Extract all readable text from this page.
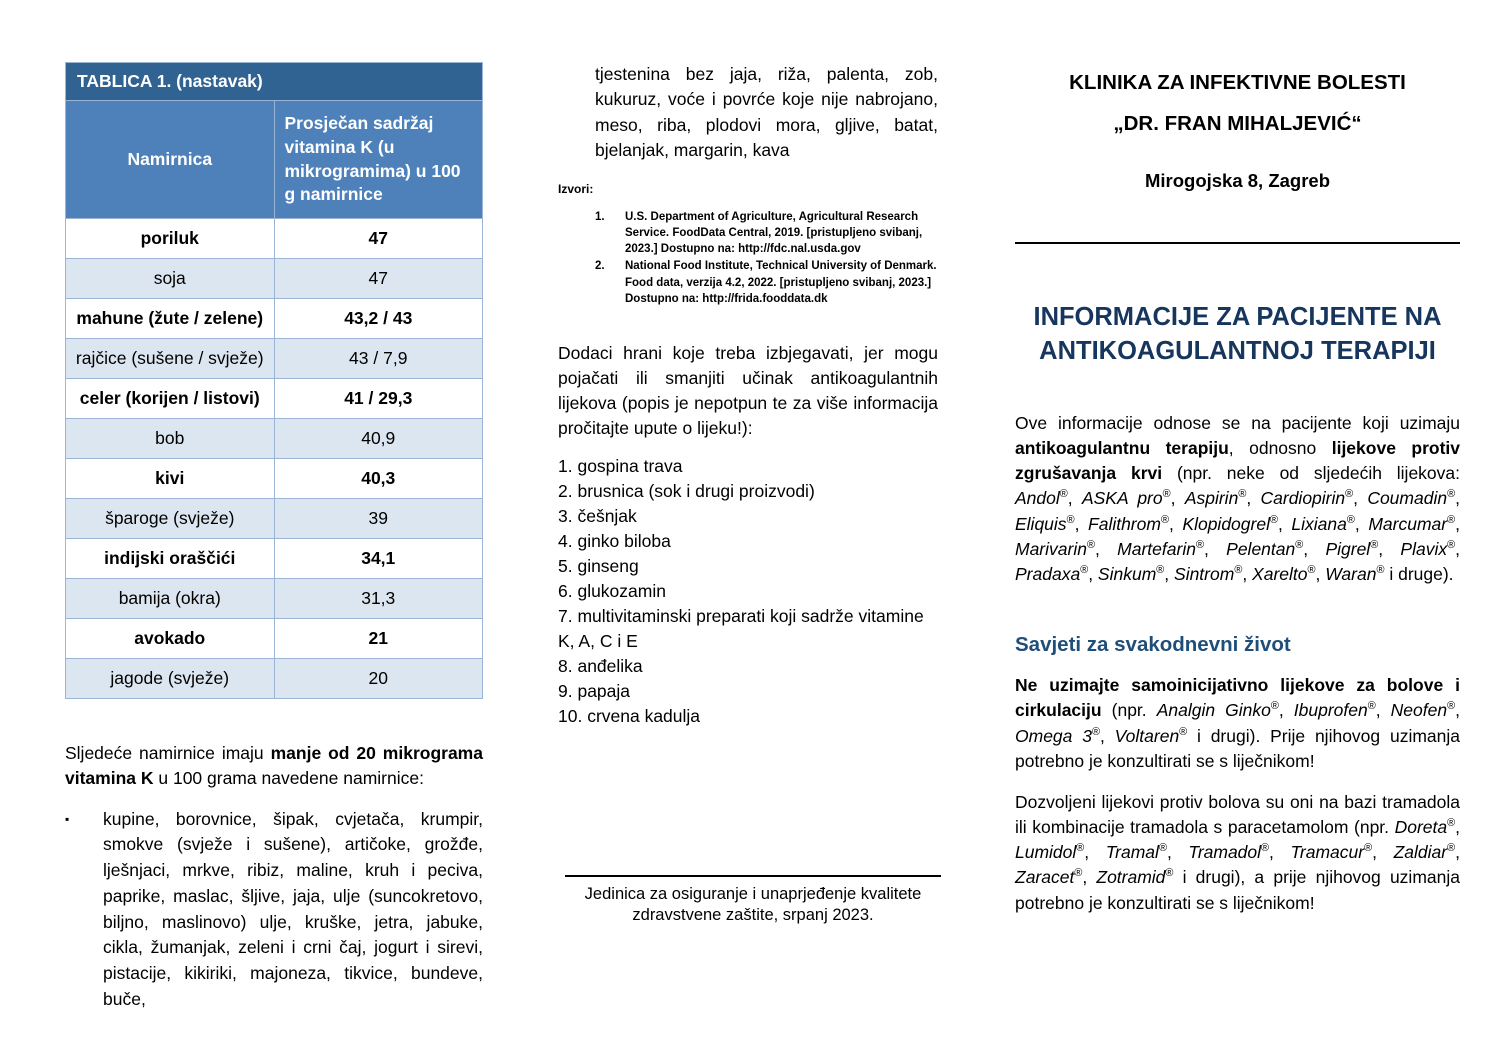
TABLICA 1. (nastavak)	
Namirnica	Prosječan sadržaj vitamina K (u mikrogramima) u 100 g namirnice
poriluk	47
soja	47
mahune (žute / zelene)	43,2 / 43
rajčice (sušene / svježe)	43 / 7,9
celer (korijen / listovi)	41 / 29,3
bob	40,9
kivi	40,3
šparoge (svježe)	39
indijski oraščići	34,1
bamija (okra)	31,3
avokado	21
jagode (svježe)	20
Sljedeće namirnice imaju manje od 20 mikrograma vitamina K u 100 grama navedene namirnice:
▪	kupine, borovnice, šipak, cvjetača, krumpir, smokve (svježe i sušene), artičoke, grožđe, lješnjaci, mrkve, ribiz, maline, kruh i peciva, paprike, maslac, šljive, jaja, ulje (suncokretovo, biljno, maslinovo) ulje, kruške, jetra, jabuke, cikla, žumanjak, zeleni i crni čaj, jogurt i sirevi, pistacije, kikiriki, majoneza, tikvice, bundeve, buče,
tjestenina bez jaja, riža, palenta, zob, kukuruz, voće i povrće koje nije nabrojano, meso, riba, plodovi mora, gljive, batat, bjelanjak, margarin, kava
Izvori:
1.	U.S. Department of Agriculture, Agricultural Research Service. FoodData Central, 2019. [pristupljeno svibanj, 2023.] Dostupno na: http://fdc.nal.usda.gov
2.	National Food Institute, Technical University of Denmark. Food data, verzija 4.2, 2022. [pristupljeno svibanj, 2023.] Dostupno na: http://frida.fooddata.dk
Dodaci hrani koje treba izbjegavati, jer mogu pojačati ili smanjiti učinak antikoagulantnih lijekova (popis je nepotpun te za više informacija pročitajte upute o lijeku!):
1. gospina trava
2. brusnica (sok i drugi proizvodi)
3. češnjak
4. ginko biloba
5. ginseng
6. glukozamin
7. multivitaminski preparati koji sadrže vitamine K, A, C i E
8. anđelika
9. papaja
10. crvena kadulja
Jedinica za osiguranje i unaprjeđenje kvalitete zdravstvene zaštite, srpanj 2023.
KLINIKA ZA INFEKTIVNE BOLESTI
„DR. FRAN MIHALJEVIĆ“
Mirogojska 8, Zagreb
INFORMACIJE ZA PACIJENTE NA ANTIKOAGULANTNOJ TERAPIJI
Ove informacije odnose se na pacijente koji uzimaju antikoagulantnu terapiju, odnosno lijekove protiv zgrušavanja krvi (npr. neke od sljedećih lijekova: Andol®, ASKA pro®, Aspirin®, Cardiopirin®, Coumadin®, Eliquis®, Falithrom®, Klopidogrel®, Lixiana®, Marcumar®, Marivarin®, Martefarin®, Pelentan®, Pigrel®, Plavix®, Pradaxa®, Sinkum®, Sintrom®, Xarelto®, Waran® i druge).
Savjeti za svakodnevni život
Ne uzimajte samoinicijativno lijekove za bolove i cirkulaciju (npr. Analgin Ginko®, Ibuprofen®, Neofen®, Omega 3®, Voltaren® i drugi). Prije njihovog uzimanja potrebno je konzultirati se s liječnikom!
Dozvoljeni lijekovi protiv bolova su oni na bazi tramadola ili kombinacije tramadola s paracetamolom (npr. Doreta®, Lumidol®, Tramal®, Tramadol®, Tramacur®, Zaldiar®, Zaracet®, Zotramid® i drugi), a prije njihovog uzimanja potrebno je konzultirati se s liječnikom!
